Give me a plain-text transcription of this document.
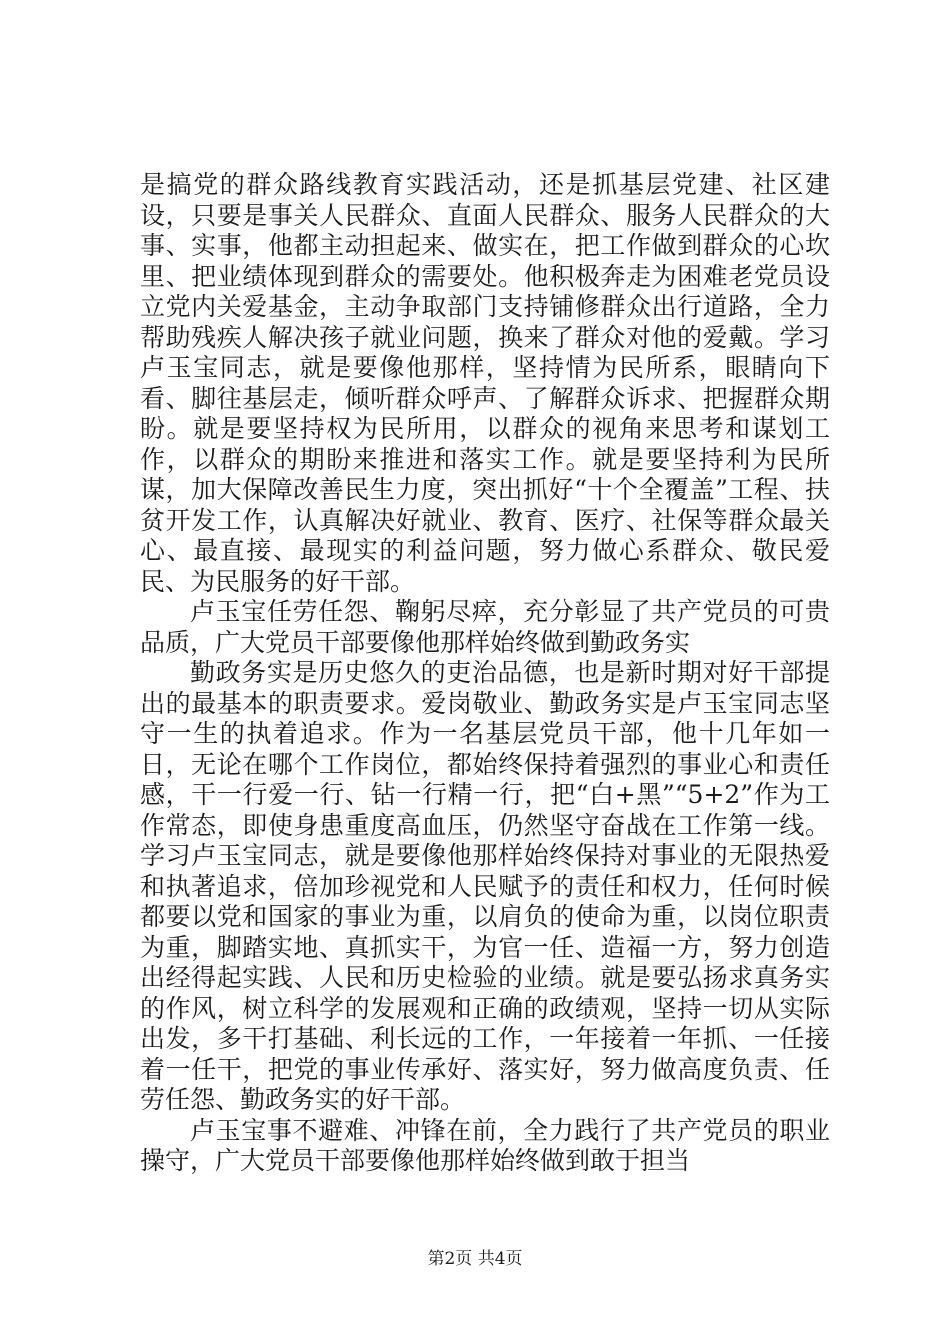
是搞党的群众路线教育实践活动，还是抓基层党建、社区建设，只要是事关人民群众、直面人民群众、服务人民群众的大事、实事，他都主动担起来、做实在，把工作做到群众的心坎里、把业绩体现到群众的需要处。他积极奔走为困难老党员设立党内关爱基金，主动争取部门支持铺修群众出行道路，全力帮助残疾人解决孩子就业问题，换来了群众对他的爱戴。学习卢玉宝同志，就是要像他那样，坚持情为民所系，眼睛向下看、脚往基层走，倾听群众呼声、了解群众诉求、把握群众期盼。就是要坚持权为民所用，以群众的视角来思考和谋划工作，以群众的期盼来推进和落实工作。就是要坚持利为民所谋，加大保障改善民生力度，突出抓好“十个全覆盖”工程、扶贫开发工作，认真解决好就业、教育、医疗、社保等群众最关心、最直接、最现实的利益问题，努力做心系群众、敬民爱民、为民服务的好干部。

卢玉宝任劳任怨、鞠躬尽瘁，充分彰显了共产党员的可贵品质，广大党员干部要像他那样始终做到勤政务实

勤政务实是历史悠久的吏治品德，也是新时期对好干部提出的最基本的职责要求。爱岗敬业、勤政务实是卢玉宝同志坚守一生的执着追求。作为一名基层党员干部，他十几年如一日，无论在哪个工作岗位，都始终保持着强烈的事业心和责任感，干一行爱一行、钻一行精一行，把“白+黑”“5+2”作为工作常态，即使身患重度高血压，仍然坚守奋战在工作第一线。学习卢玉宝同志，就是要像他那样始终保持对事业的无限热爱和执著追求，倍加珍视党和人民赋予的责任和权力，任何时候都要以党和国家的事业为重，以肩负的使命为重，以岗位职责为重，脚踏实地、真抓实干，为官一任、造福一方，努力创造出经得起实践、人民和历史检验的业绩。就是要弘扬求真务实的作风，树立科学的发展观和正确的政绩观，坚持一切从实际出发，多干打基础、利长远的工作，一年接着一年抓、一任接着一任干，把党的事业传承好、落实好，努力做高度负责、任劳任怨、勤政务实的好干部。

卢玉宝事不避难、冲锋在前，全力践行了共产党员的职业操守，广大党员干部要像他那样始终做到敢于担当

第2页 共4页
